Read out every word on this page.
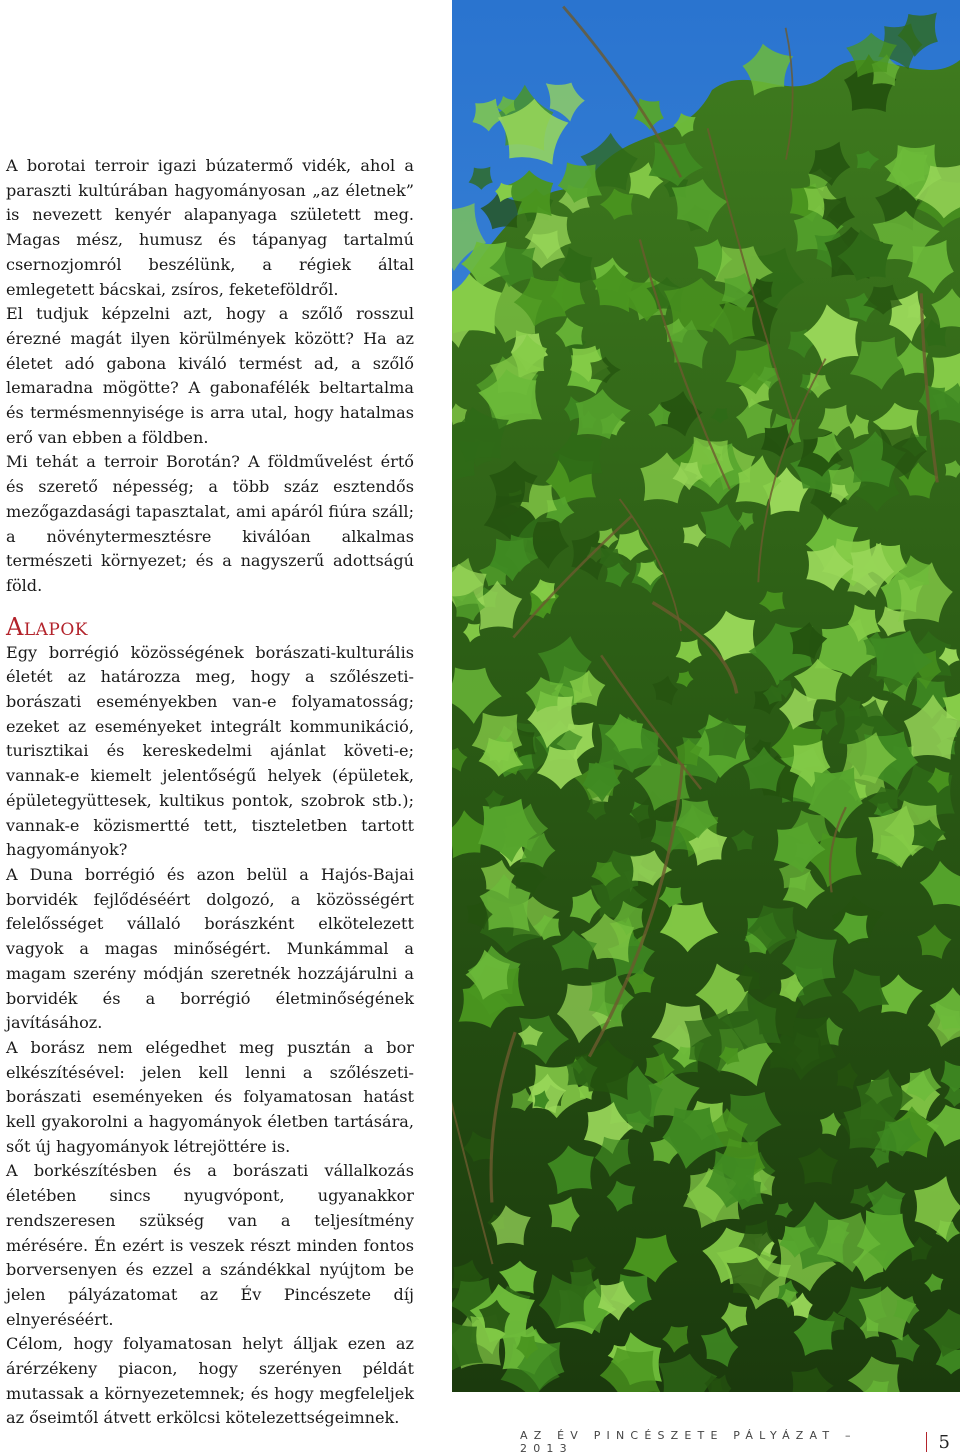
A borotai terroir igazi búzatermő vidék, ahol a paraszti kultúrában hagyományosan „az életnek” is nevezett kenyér alapanyaga született meg. Magas mész, humusz és tápanyag tartalmú csernozjomról beszélünk, a régiek által emlegetett bácskai, zsíros, feketeföldről.

El tudjuk képzelni azt, hogy a szőlő rosszul érezné magát ilyen körülmények között? Ha az életet adó gabona kiváló termést ad, a szőlő lemaradna mögötte? A gabonafélék beltartalma és termésmennyisége is arra utal, hogy hatalmas erő van ebben a földben.

Mi tehát a terroir Borotán? A földművelést értő és szerető népesség; a több száz esztendős mezőgazdasági tapasztalat, ami apáról fiúra száll; a növénytermesztésre kiválóan alkalmas természeti környezet; és a nagyszerű adottságú föld.

Alapok

Egy borrégió közösségének borászati-kulturális életét az határozza meg, hogy a szőlészeti-borászati eseményekben van-e folyamatosság; ezeket az eseményeket integrált kommunikáció, turisztikai és kereskedelmi ajánlat követi-e; vannak-e kiemelt jelentőségű helyek (épületek, épületegyüttesek, kultikus pontok, szobrok stb.); vannak-e közismertté tett, tiszteletben tartott hagyományok?

A Duna borrégió és azon belül a Hajós-Bajai borvidék fejlődéséért dolgozó, a közösségért felelősséget vállaló borászként elkötelezett vagyok a magas minőségért. Munkámmal a magam szerény módján szeretnék hozzájárulni a borvidék és a borrégió életminőségének javításához.

A borász nem elégedhet meg pusztán a bor elkészítésével: jelen kell lenni a szőlészeti-borászati eseményeken és folyamatosan hatást kell gyakorolni a hagyományok életben tartására, sőt új hagyományok létrejöttére is.

A borkészítésben és a borászati vállalkozás életében sincs nyugvópont, ugyanakkor rendszeresen szükség van a teljesítmény mérésére. Én ezért is veszek részt minden fontos borversenyen és ezzel a szándékkal nyújtom be jelen pályázatomat az Év Pincészete díj elnyeréséért.

Célom, hogy folyamatosan helyt álljak ezen az árérzékeny piacon, hogy szerényen példát mutassak a környezetemnek; és hogy megfeleljek az őseimtől átvett erkölcsi kötelezettségeimnek.

AZ ÉV PINCÉSZETE PÁLYÁZAT – 2013	5
